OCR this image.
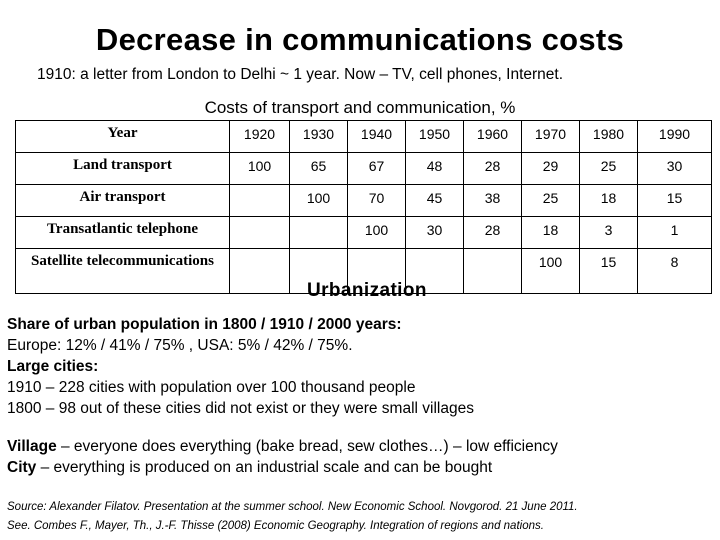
Decrease in communications costs
1910: a letter from London to Delhi ~ 1 year. Now – TV, cell phones, Internet.
Costs of transport and communication, %
Year	1920	1930	1940	1950	1960	1970	1980	1990
Land transport	100	65	67	48	28	29	25	30
Air transport		100	70	45	38	25	18	15
Transatlantic telephone			100	30	28	18	3	1
Satellite telecommunications						100	15	8
Urbanization
Share of urban population in 1800 / 1910 / 2000 years:
Europe: 12% / 41% / 75% , USA: 5% / 42% / 75%.
Large cities:
1910 – 228 cities with population over 100 thousand people
1800 – 98 out of these cities did not exist or they were small villages
Village – everyone does everything (bake bread, sew clothes…) – low efficiency
City – everything is produced on an industrial scale and can be bought
Source: Alexander Filatov. Presentation at the summer school. New Economic School. Novgorod. 21 June 2011.
See. Combes F., Mayer, Th., J.-F. Thisse (2008) Economic Geography. Integration of regions and nations.
